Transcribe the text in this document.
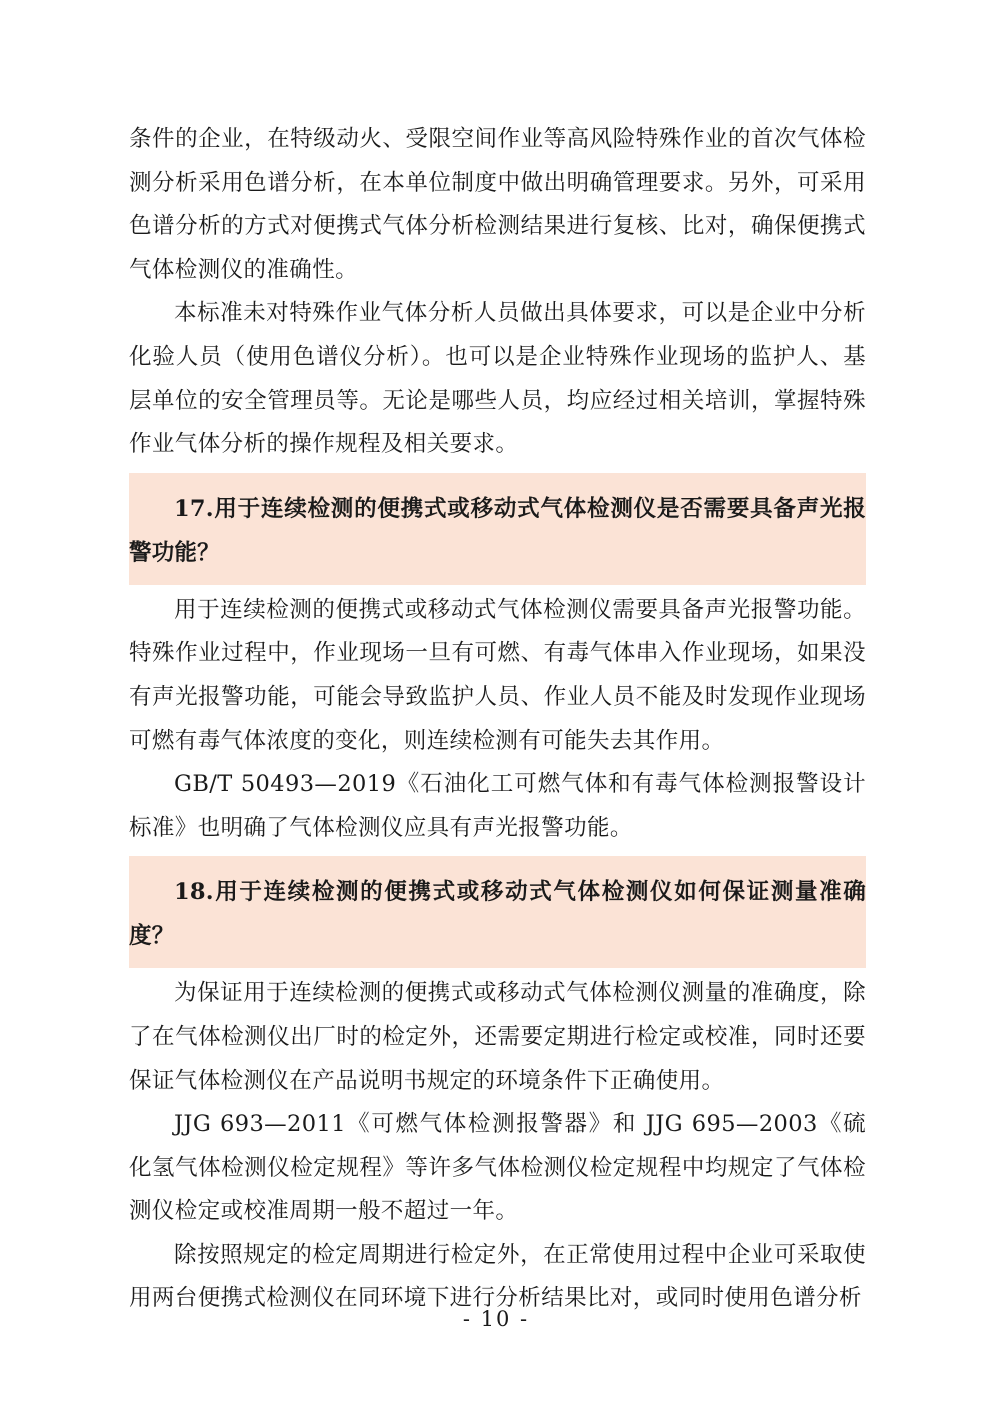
条件的企业，在特级动火、受限空间作业等高风险特殊作业的首次气体检测分析采用色谱分析，在本单位制度中做出明确管理要求。另外，可采用色谱分析的方式对便携式气体分析检测结果进行复核、比对，确保便携式气体检测仪的准确性。

本标准未对特殊作业气体分析人员做出具体要求，可以是企业中分析化验人员（使用色谱仪分析）。也可以是企业特殊作业现场的监护人、基层单位的安全管理员等。无论是哪些人员，均应经过相关培训，掌握特殊作业气体分析的操作规程及相关要求。

17.用于连续检测的便携式或移动式气体检测仪是否需要具备声光报警功能？

用于连续检测的便携式或移动式气体检测仪需要具备声光报警功能。特殊作业过程中，作业现场一旦有可燃、有毒气体串入作业现场，如果没有声光报警功能，可能会导致监护人员、作业人员不能及时发现作业现场可燃有毒气体浓度的变化，则连续检测有可能失去其作用。

GB/T 50493—2019《石油化工可燃气体和有毒气体检测报警设计标准》也明确了气体检测仪应具有声光报警功能。

18.用于连续检测的便携式或移动式气体检测仪如何保证测量准确度？

为保证用于连续检测的便携式或移动式气体检测仪测量的准确度，除了在气体检测仪出厂时的检定外，还需要定期进行检定或校准，同时还要保证气体检测仪在产品说明书规定的环境条件下正确使用。

JJG 693—2011《可燃气体检测报警器》和 JJG 695—2003《硫化氢气体检测仪检定规程》等许多气体检测仪检定规程中均规定了气体检测仪检定或校准周期一般不超过一年。

除按照规定的检定周期进行检定外，在正常使用过程中企业可采取使用两台便携式检测仪在同环境下进行分析结果比对，或同时使用色谱分析

- 10 -
